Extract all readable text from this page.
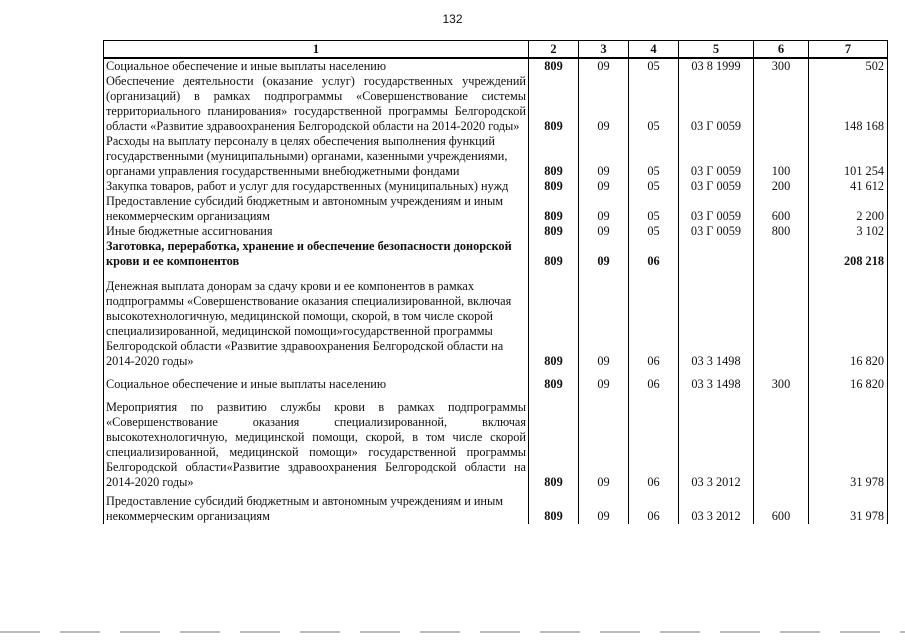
132
1	2	3	4	5	6	7
Социальное обеспечение и иные выплаты населению	809	09	05	03 8 1999	300	502
Обеспечение деятельности (оказание услуг) государственных учреждений (организаций) в рамках подпрограммы «Совершенствование системы территориального планирования» государственной программы Белгородской области «Развитие здравоохранения Белгородской области на 2014-2020 годы»	809	09	05	03 Г 0059		148 168
Расходы на выплату персоналу в целях обеспечения выполнения функций государственными (муниципальными) органами, казенными учреждениями, органами управления государственными внебюджетными фондами	809	09	05	03 Г 0059	100	101 254
Закупка товаров, работ и услуг для государственных (муниципальных) нужд	809	09	05	03 Г 0059	200	41 612
Предоставление субсидий бюджетным и автономным учреждениям и иным некоммерческим организациям	809	09	05	03 Г 0059	600	2 200
Иные бюджетные ассигнования	809	09	05	03 Г 0059	800	3 102
Заготовка, переработка, хранение и обеспечение безопасности донорской крови и ее компонентов	809	09	06			208 218
Денежная выплата донорам за сдачу крови и ее компонентов в рамках подпрограммы «Совершенствование оказания специализированной, включая высокотехнологичную, медицинской помощи, скорой, в том числе скорой специализированной, медицинской помощи»государственной программы Белгородской области «Развитие здравоохранения Белгородской области на 2014-2020 годы»	809	09	06	03 3 1498		16 820
Социальное обеспечение и иные выплаты населению	809	09	06	03 3 1498	300	16 820
Мероприятия по развитию службы крови в рамках подпрограммы «Совершенствование оказания специализированной, включая высокотехнологичную, медицинской помощи, скорой, в том числе скорой специализированной, медицинской помощи» государственной программы Белгородской области«Развитие здравоохранения Белгородской области на 2014-2020 годы»	809	09	06	03 3 2012		31 978
Предоставление субсидий бюджетным и автономным учреждениям и иным некоммерческим организациям	809	09	06	03 3 2012	600	31 978
